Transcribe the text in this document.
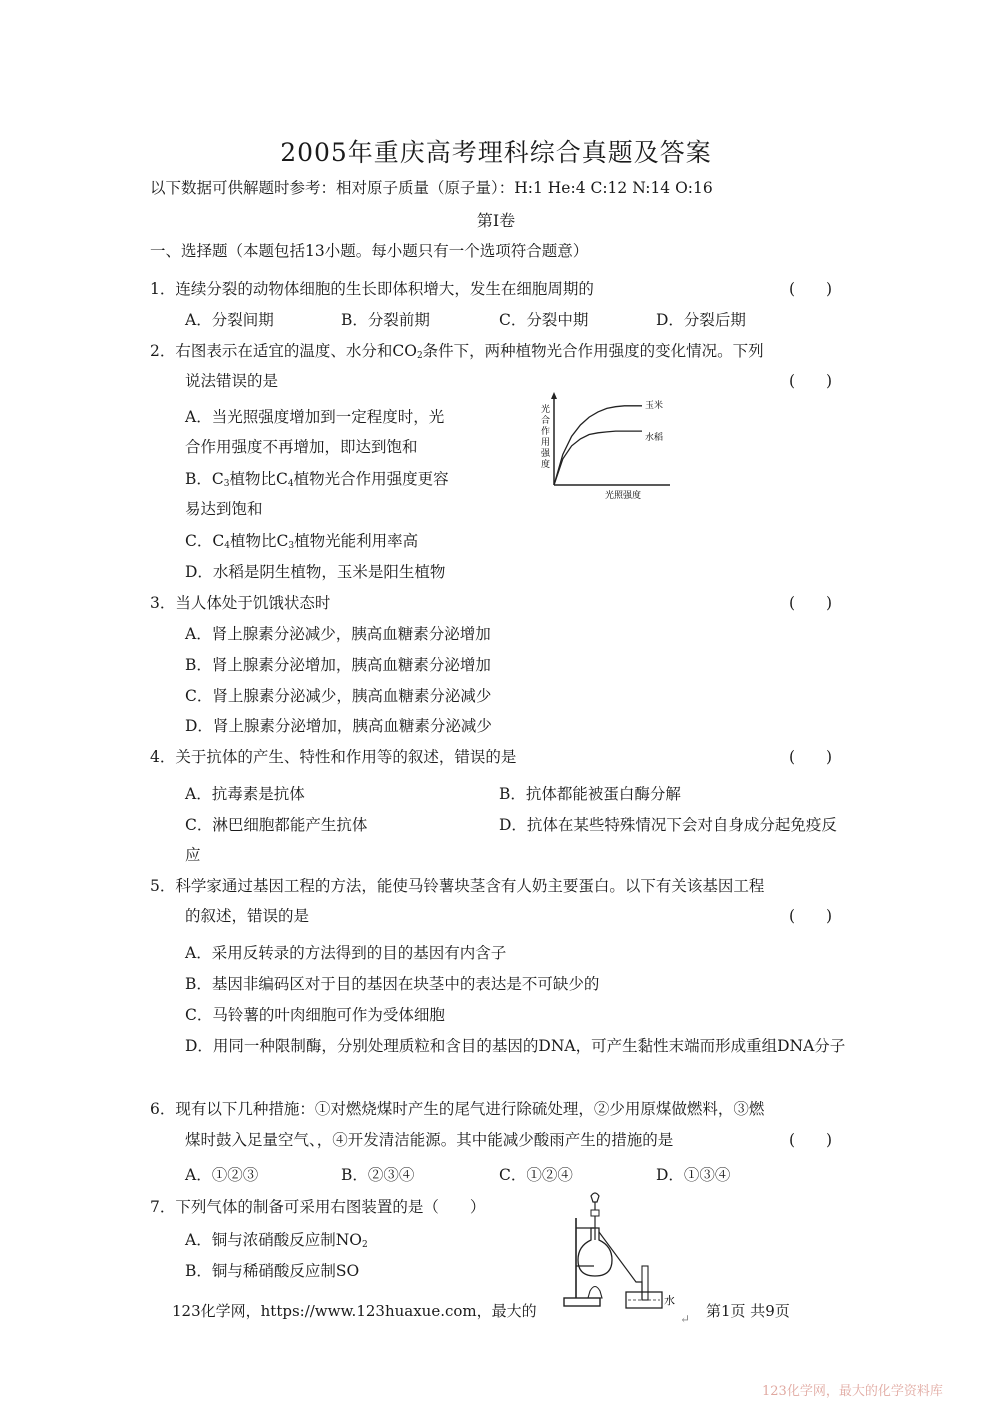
2005年重庆高考理科综合真题及答案
以下数据可供解题时参考：相对原子质量（原子量）：H:1 He:4 C:12 N:14 O:16
第I卷
一、选择题（本题包括13小题。每小题只有一个选项符合题意）
1．连续分裂的动物体细胞的生长即体积增大，发生在细胞周期的	(　　)
A．分裂间期	B．分裂前期	C．分裂中期	D．分裂后期
2．右图表示在适宜的温度、水分和$CO_2$条件下，两种植物光合作用强度的变化情况。下列
说法错误的是	(　　)
A．当光照强度增加到一定程度时，光
合作用强度不再增加，即达到饱和
B．$C_3$植物比$C_4$植物光合作用强度更容
易达到饱和
C．$C_4$植物比$C_3$植物光能利用率高
D．水稻是阴生植物，玉米是阳生植物
光合作用强度
光照强度
玉米
水稻
3．当人体处于饥饿状态时	(　　)
A．肾上腺素分泌减少，胰高血糖素分泌增加
B．肾上腺素分泌增加，胰高血糖素分泌增加
C．肾上腺素分泌减少，胰高血糖素分泌减少
D．肾上腺素分泌增加，胰高血糖素分泌减少
4．关于抗体的产生、特性和作用等的叙述，错误的是	(　　)
A．抗毒素是抗体	B．抗体都能被蛋白酶分解
C．淋巴细胞都能产生抗体	D．抗体在某些特殊情况下会对自身成分起免疫反
应
5．科学家通过基因工程的方法，能使马铃薯块茎含有人奶主要蛋白。以下有关该基因工程
的叙述，错误的是	(　　)
A．采用反转录的方法得到的目的基因有内含子
B．基因非编码区对于目的基因在块茎中的表达是不可缺少的
C．马铃薯的叶肉细胞可作为受体细胞
D．用同一种限制酶，分别处理质粒和含目的基因的DNA，可产生黏性末端而形成重组DNA分子
6．现有以下几种措施：①对燃烧煤时产生的尾气进行除硫处理，②少用原煤做燃料，③燃
煤时鼓入足量空气、，④开发清洁能源。其中能减少酸雨产生的措施的是	(　　)
A．①②③	B．②③④	C．①②④	D．①③④
7．下列气体的制备可采用右图装置的是（　　）
A．铜与浓硝酸反应制$NO_2$
B．铜与稀硝酸反应制SO
水
123化学网，https://www.123huaxue.com，最大的	第1页 共9页
↵
123化学网，最大的化学资料库
